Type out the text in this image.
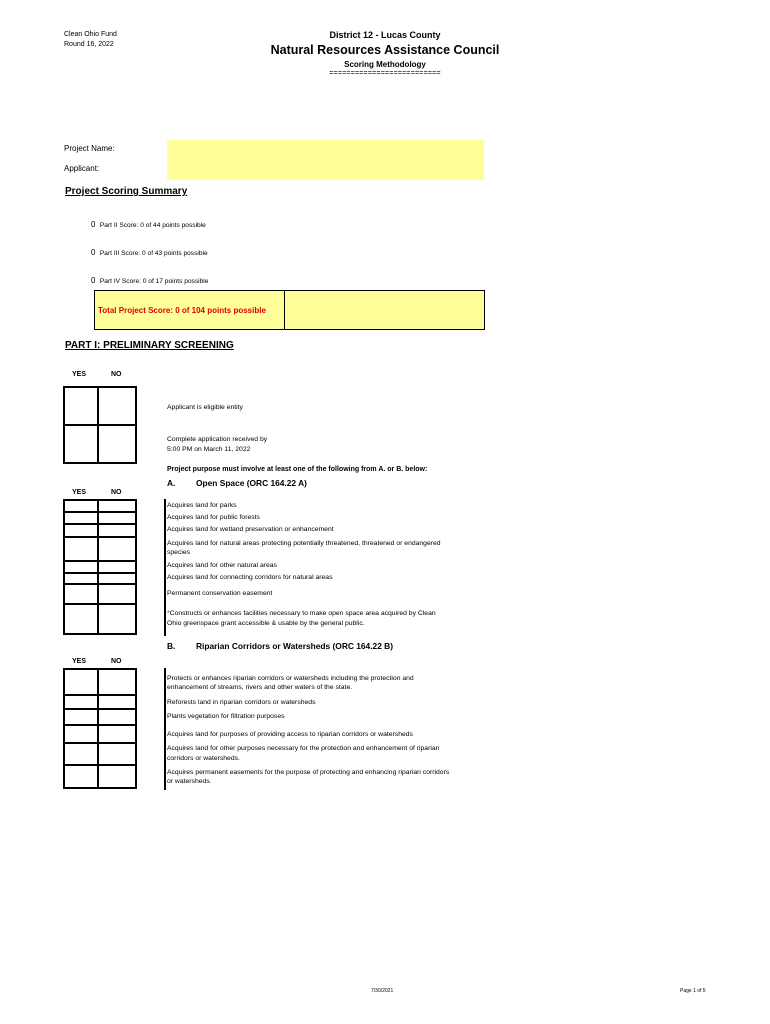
Clean Ohio Fund
Round 16, 2022
District 12 - Lucas County
Natural Resources Assistance Council
Scoring Methodology
==========================
Project Name:
Applicant:
Project Scoring Summary
0 Part II Score: 0 of 44 points possible
0 Part III Score: 0 of 43 points possible
0 Part IV Score: 0 of 17 points possible
Total Project Score: 0 of 104 points possible
PART I: PRELIMINARY SCREENING
YES	NO
Applicant is eligible entity
Complete application received by
5:00 PM on March 11, 2022
Project purpose must involve at least one of the following from A. or B. below:
A. Open Space (ORC 164.22 A)
YES	NO
Acquires land for parks
Acquires land for public forests
Acquires land for wetland preservation or enhancement
Acquires land for natural areas protecting potentially threatened, threatened or endangered
species
Acquires land for other natural areas
Acquires land for connecting corridors for natural areas
Permanent conservation easement
*Constructs or enhances facilities necessary to make open space area acquired by Clean
Ohio greenspace grant accessible & usable by the general public.
B. Riparian Corridors or Watersheds (ORC 164.22 B)
YES	NO
Protects or enhances riparian corridors or watersheds including the protection and
enhancement of streams, rivers and other waters of the state.
Reforests land in riparian corridors or watersheds
Plants vegetation for filtration purposes
Acquires land for purposes of providing access to riparian corridors or watersheds
Acquires land for other purposes necessary for the protection and enhancement of riparian
corridors or watersheds.
Acquires permanent easements for the purpose of protecting and enhancing riparian corridors
or watersheds.
7/30/2021	Page 1 of 5
